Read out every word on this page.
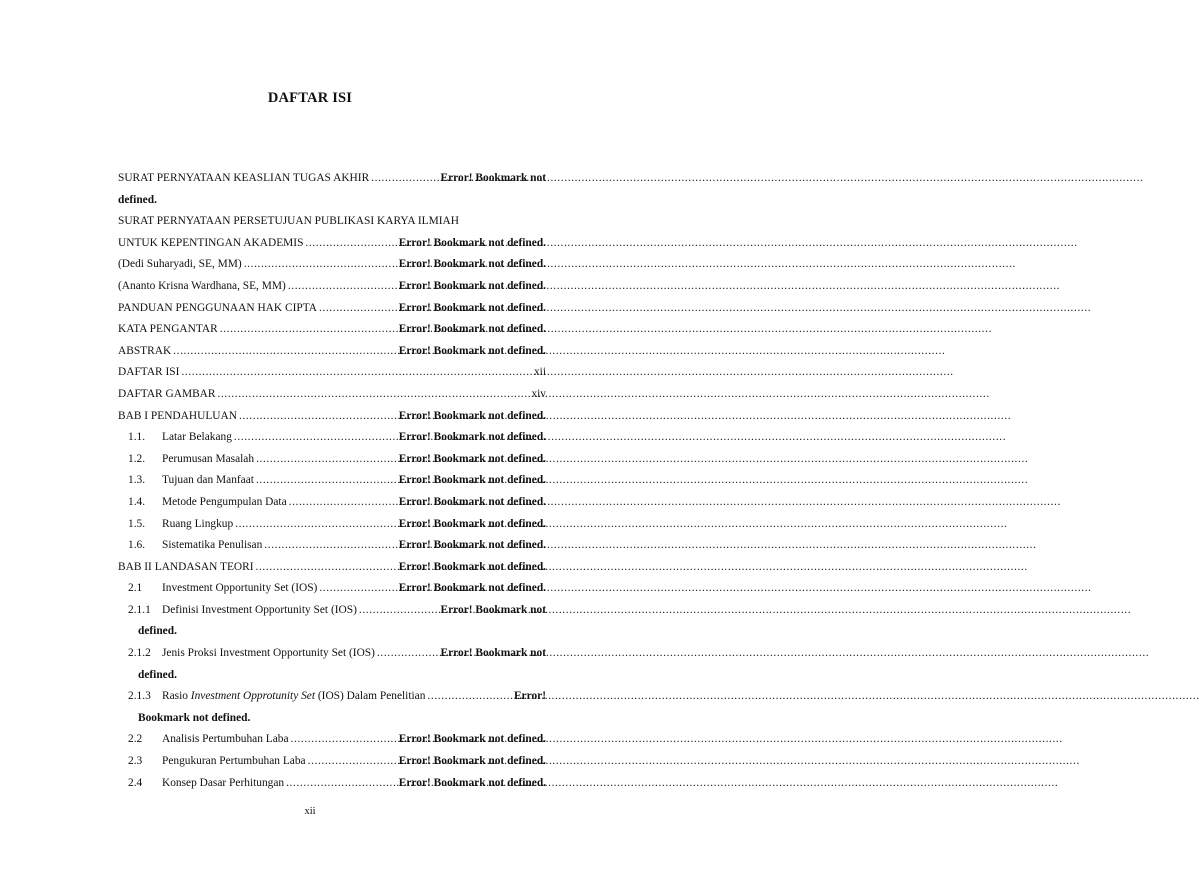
DAFTAR ISI
SURAT PERNYATAAN KEASLIAN TUGAS AKHIR .....	Error! Bookmark not
defined.
SURAT PERNYATAAN PERSETUJUAN PUBLIKASI KARYA ILMIAH
UNTUK KEPENTINGAN AKADEMIS .....	Error! Bookmark not defined.
(Dedi Suharyadi, SE, MM) .....	Error! Bookmark not defined.
(Ananto Krisna Wardhana, SE, MM) .....	Error! Bookmark not defined.
PANDUAN PENGGUNAAN HAK CIPTA .....	Error! Bookmark not defined.
KATA PENGANTAR .....	Error! Bookmark not defined.
ABSTRAK .....	Error! Bookmark not defined.
DAFTAR ISI .....	xii
DAFTAR GAMBAR .....	xiv
BAB I PENDAHULUAN .....	Error! Bookmark not defined.
1.1.	Latar Belakang .....	Error! Bookmark not defined.
1.2.	Perumusan Masalah .....	Error! Bookmark not defined.
1.3.	Tujuan dan Manfaat .....	Error! Bookmark not defined.
1.4.	Metode Pengumpulan Data .....	Error! Bookmark not defined.
1.5.	Ruang Lingkup .....	Error! Bookmark not defined.
1.6.	Sistematika Penulisan .....	Error! Bookmark not defined.
BAB II LANDASAN TEORI .....	Error! Bookmark not defined.
2.1	Investment Opportunity Set (IOS) .....	Error! Bookmark not defined.
2.1.1 Definisi Investment Opportunity Set (IOS) .....	Error! Bookmark not
defined.
2.1.2 Jenis Proksi Investment Opportunity Set (IOS) .....	Error! Bookmark not
defined.
2.1.3 Rasio Investment Opprotunity Set (IOS) Dalam Penelitian .....	Error!
Bookmark not defined.
2.2	Analisis Pertumbuhan Laba .....	Error! Bookmark not defined.
2.3	Pengukuran Pertumbuhan Laba .....	Error! Bookmark not defined.
2.4	Konsep Dasar Perhitungan .....	Error! Bookmark not defined.
xii
